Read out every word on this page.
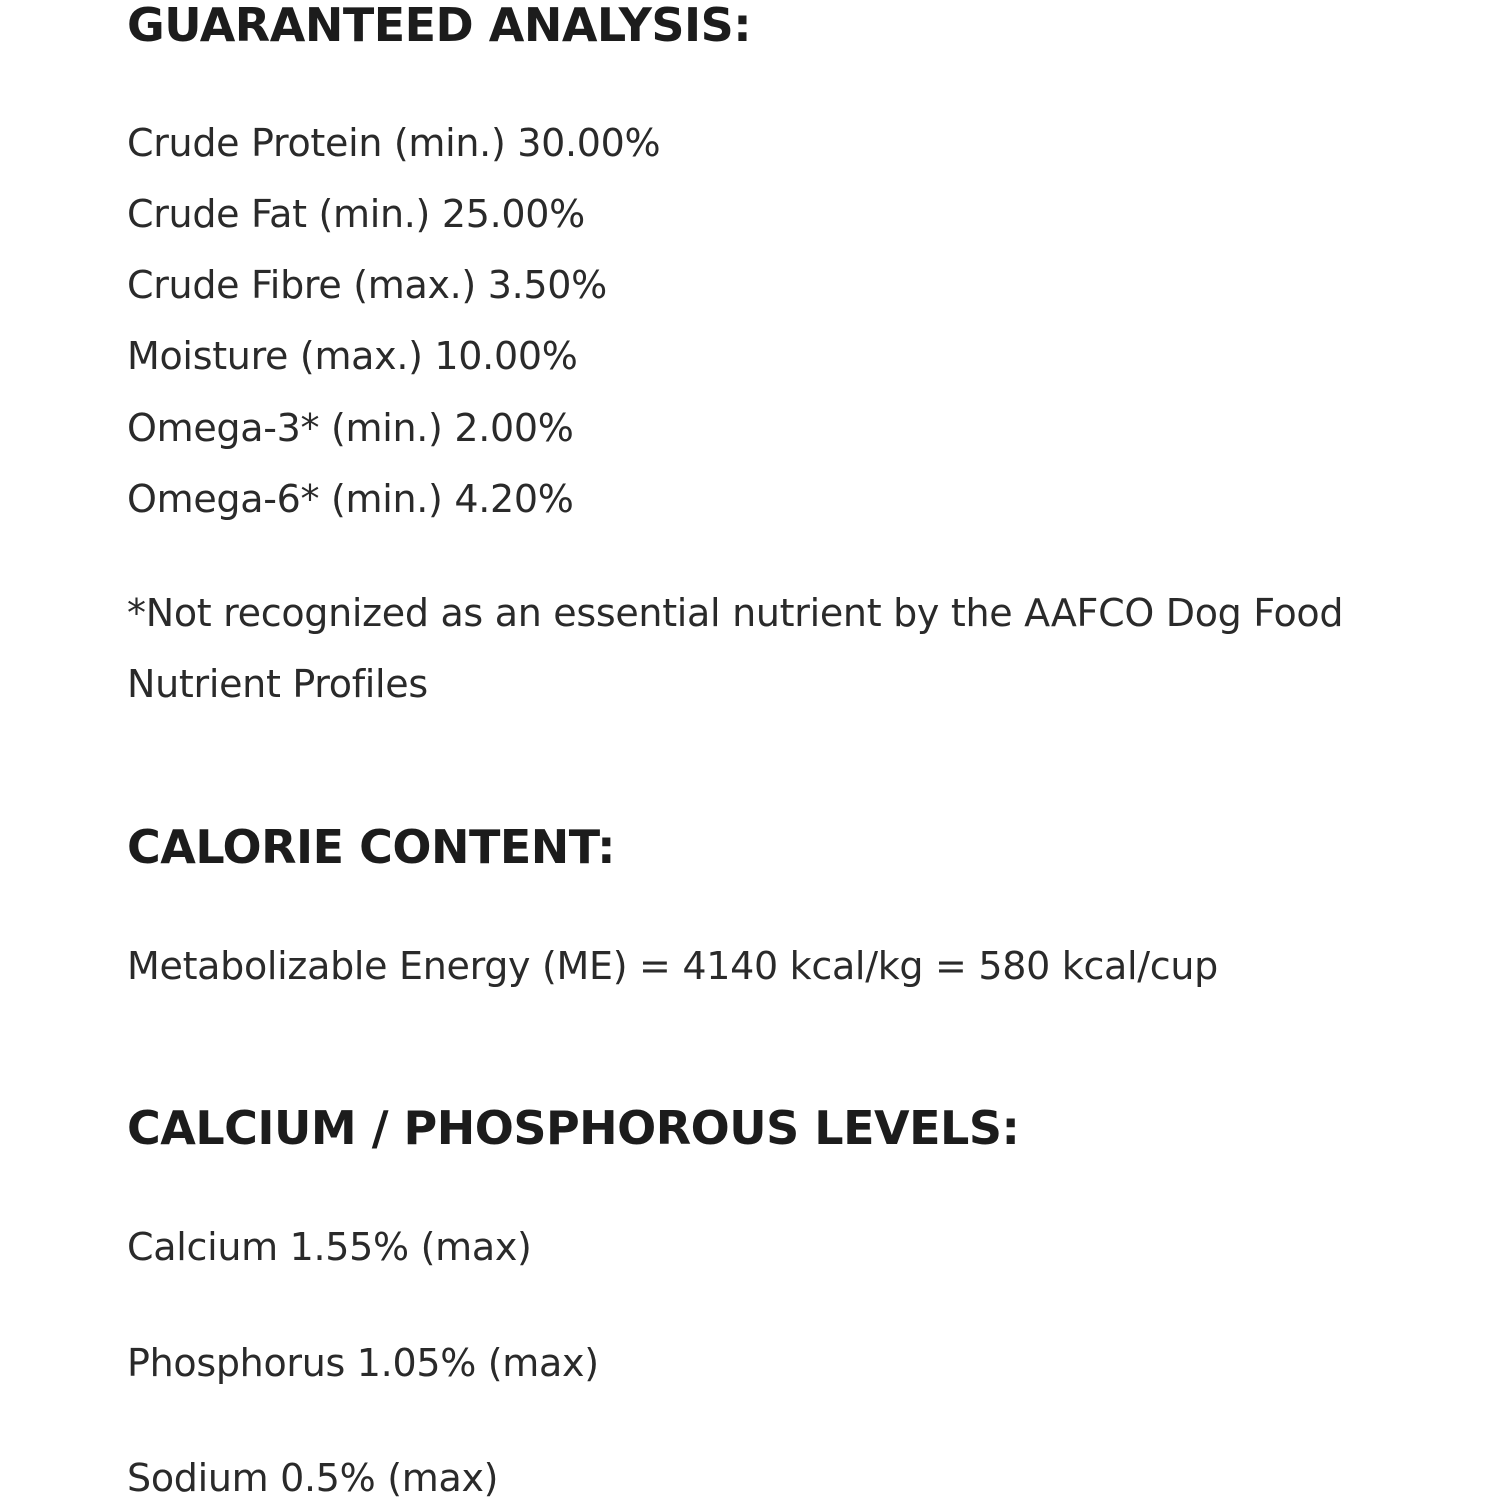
GUARANTEED ANALYSIS:

Crude Protein (min.) 30.00%

Crude Fat (min.) 25.00%

Crude Fibre (max.) 3.50%

Moisture (max.) 10.00%

Omega-3* (min.) 2.00%

Omega-6* (min.) 4.20%

*Not recognized as an essential nutrient by the AAFCO Dog Food Nutrient Profiles

CALORIE CONTENT:

Metabolizable Energy (ME) = 4140 kcal/kg = 580 kcal/cup

CALCIUM / PHOSPHOROUS LEVELS:

Calcium 1.55% (max)

Phosphorus 1.05% (max)

Sodium 0.5% (max)
